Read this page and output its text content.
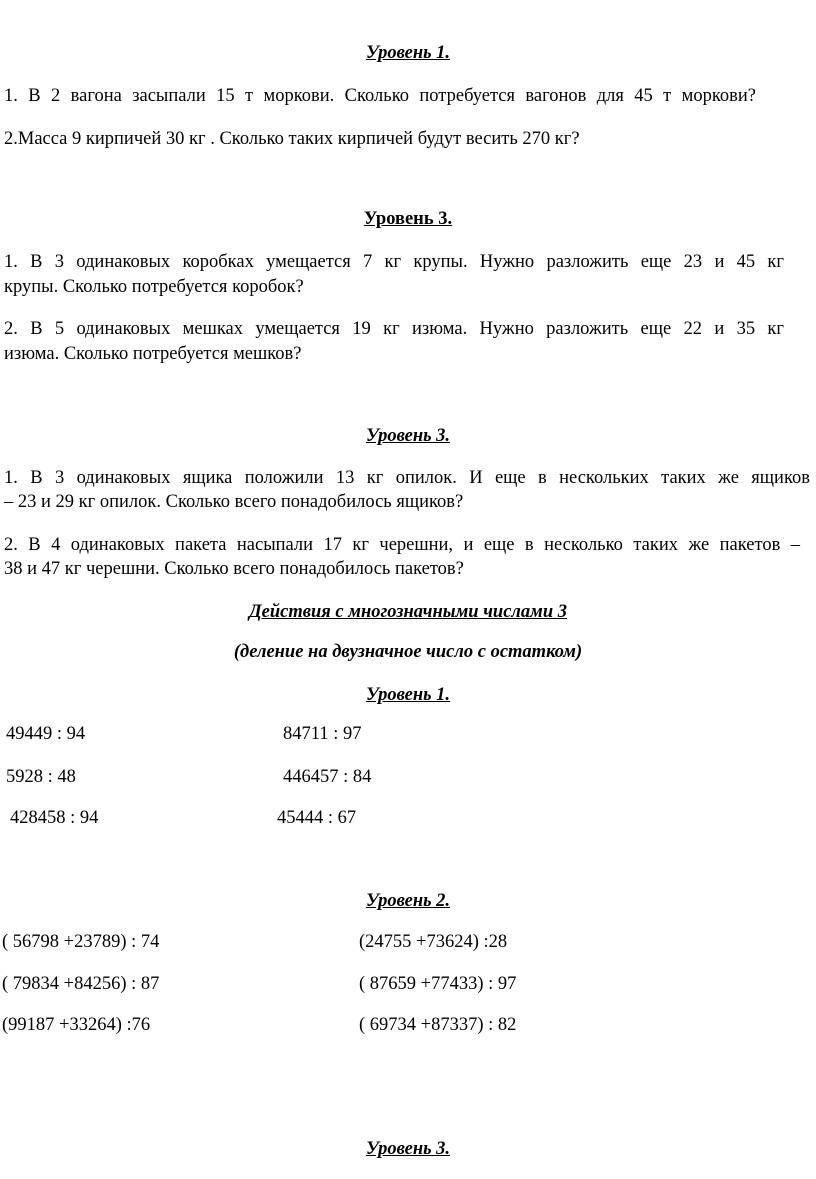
Уровень 1.
1. В 2 вагона засыпали 15 т моркови. Сколько потребуется вагонов для 45 т моркови?
2.Масса 9 кирпичей 30 кг . Сколько таких кирпичей будут весить 270 кг?
Уровень 3.
1. В 3 одинаковых коробках умещается 7 кг крупы. Нужно разложить еще 23 и 45 кг
крупы. Сколько потребуется коробок?
2. В 5 одинаковых мешках умещается 19 кг изюма. Нужно разложить еще 22 и 35 кг
изюма. Сколько потребуется мешков?
Уровень 3.
1. В 3 одинаковых ящика положили 13 кг опилок. И еще в нескольких таких же ящиков
– 23 и 29 кг опилок. Сколько всего понадобилось ящиков?
2. В 4 одинаковых пакета насыпали 17 кг черешни, и еще в несколько таких же пакетов –
38 и 47 кг черешни. Сколько всего понадобилось пакетов?
Действия с многозначными числами 3
(деление на двузначное число с остатком)
Уровень 1.
49449 : 94	84711 : 97
5928 : 48	446457 : 84
428458 : 94	45444 : 67
Уровень 2.
( 56798 +23789) : 74	(24755 +73624) :28
( 79834 +84256) : 87	( 87659 +77433) : 97
(99187 +33264) :76	( 69734 +87337) : 82
Уровень 3.
